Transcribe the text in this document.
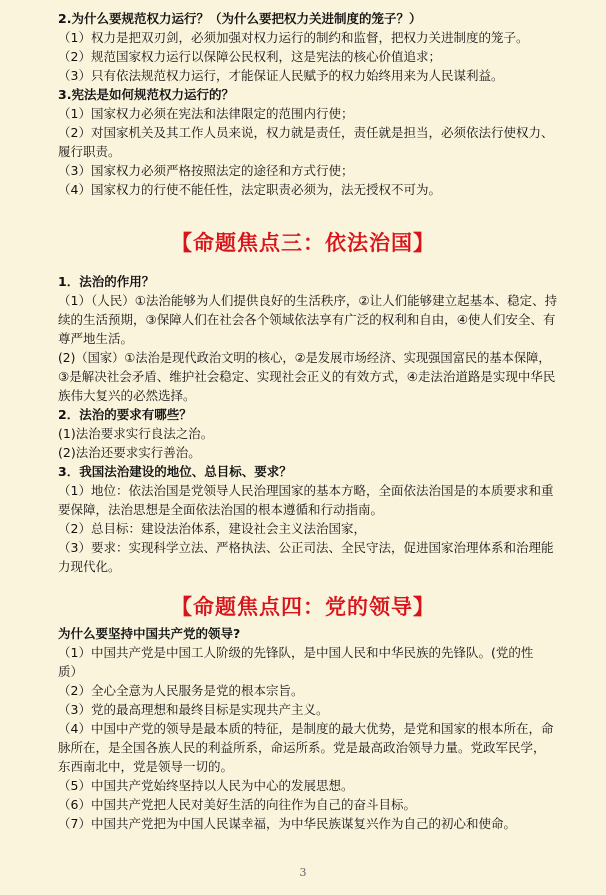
2.为什么要规范权力运行？（为什么要把权力关进制度的笼子？）
（1）权力是把双刃剑，必须加强对权力运行的制约和监督，把权力关进制度的笼子。
（2）规范国家权力运行以保障公民权利，这是宪法的核心价值追求；
（3）只有依法规范权力运行，才能保证人民赋予的权力始终用来为人民谋利益。
3.宪法是如何规范权力运行的？
（1）国家权力必须在宪法和法律限定的范围内行使；
（2）对国家机关及其工作人员来说，权力就是责任，责任就是担当，必须依法行使权力、
履行职责。
（3）国家权力必须严格按照法定的途径和方式行使；
（4）国家权力的行使不能任性，法定职责必须为，法无授权不可为。
【命题焦点三：依法治国】
1．法治的作用？
（1）（人民）①法治能够为人们提供良好的生活秩序，②让人们能够建立起基本、稳定、持
续的生活预期，③保障人们在社会各个领域依法享有广泛的权利和自由，④使人们安全、有
尊严地生活。
(2)（国家）①法治是现代政治文明的核心，②是发展市场经济、实现强国富民的基本保障，
③是解决社会矛盾、维护社会稳定、实现社会正义的有效方式，④走法治道路是实现中华民
族伟大复兴的必然选择。
2．法治的要求有哪些？
(1)法治要求实行良法之治。
(2)法治还要求实行善治。
3．我国法治建设的地位、总目标、要求？
（1）地位：依法治国是党领导人民治理国家的基本方略，全面依法治国是的本质要求和重
要保障，法治思想是全面依法治国的根本遵循和行动指南。
（2）总目标：建设法治体系，建设社会主义法治国家，
（3）要求：实现科学立法、严格执法、公正司法、全民守法，促进国家治理体系和治理能
力现代化。
【命题焦点四：党的领导】
为什么要坚持中国共产党的领导?
（1）中国共产党是中国工人阶级的先锋队，是中国人民和中华民族的先锋队。(党的性
质）
（2）全心全意为人民服务是党的根本宗旨。
（3）党的最高理想和最终目标是实现共产主义。
（4）中国中产党的领导是最本质的特征，是制度的最大优势，是党和国家的根本所在，命
脉所在，是全国各族人民的利益所系，命运所系。党是最高政治领导力量。党政军民学，
东西南北中，党是领导一切的。
（5）中国共产党始终坚持以人民为中心的发展思想。
（6）中国共产党把人民对美好生活的向往作为自己的奋斗目标。
（7）中国共产党把为中国人民谋幸福，为中华民族谋复兴作为自己的初心和使命。
3
